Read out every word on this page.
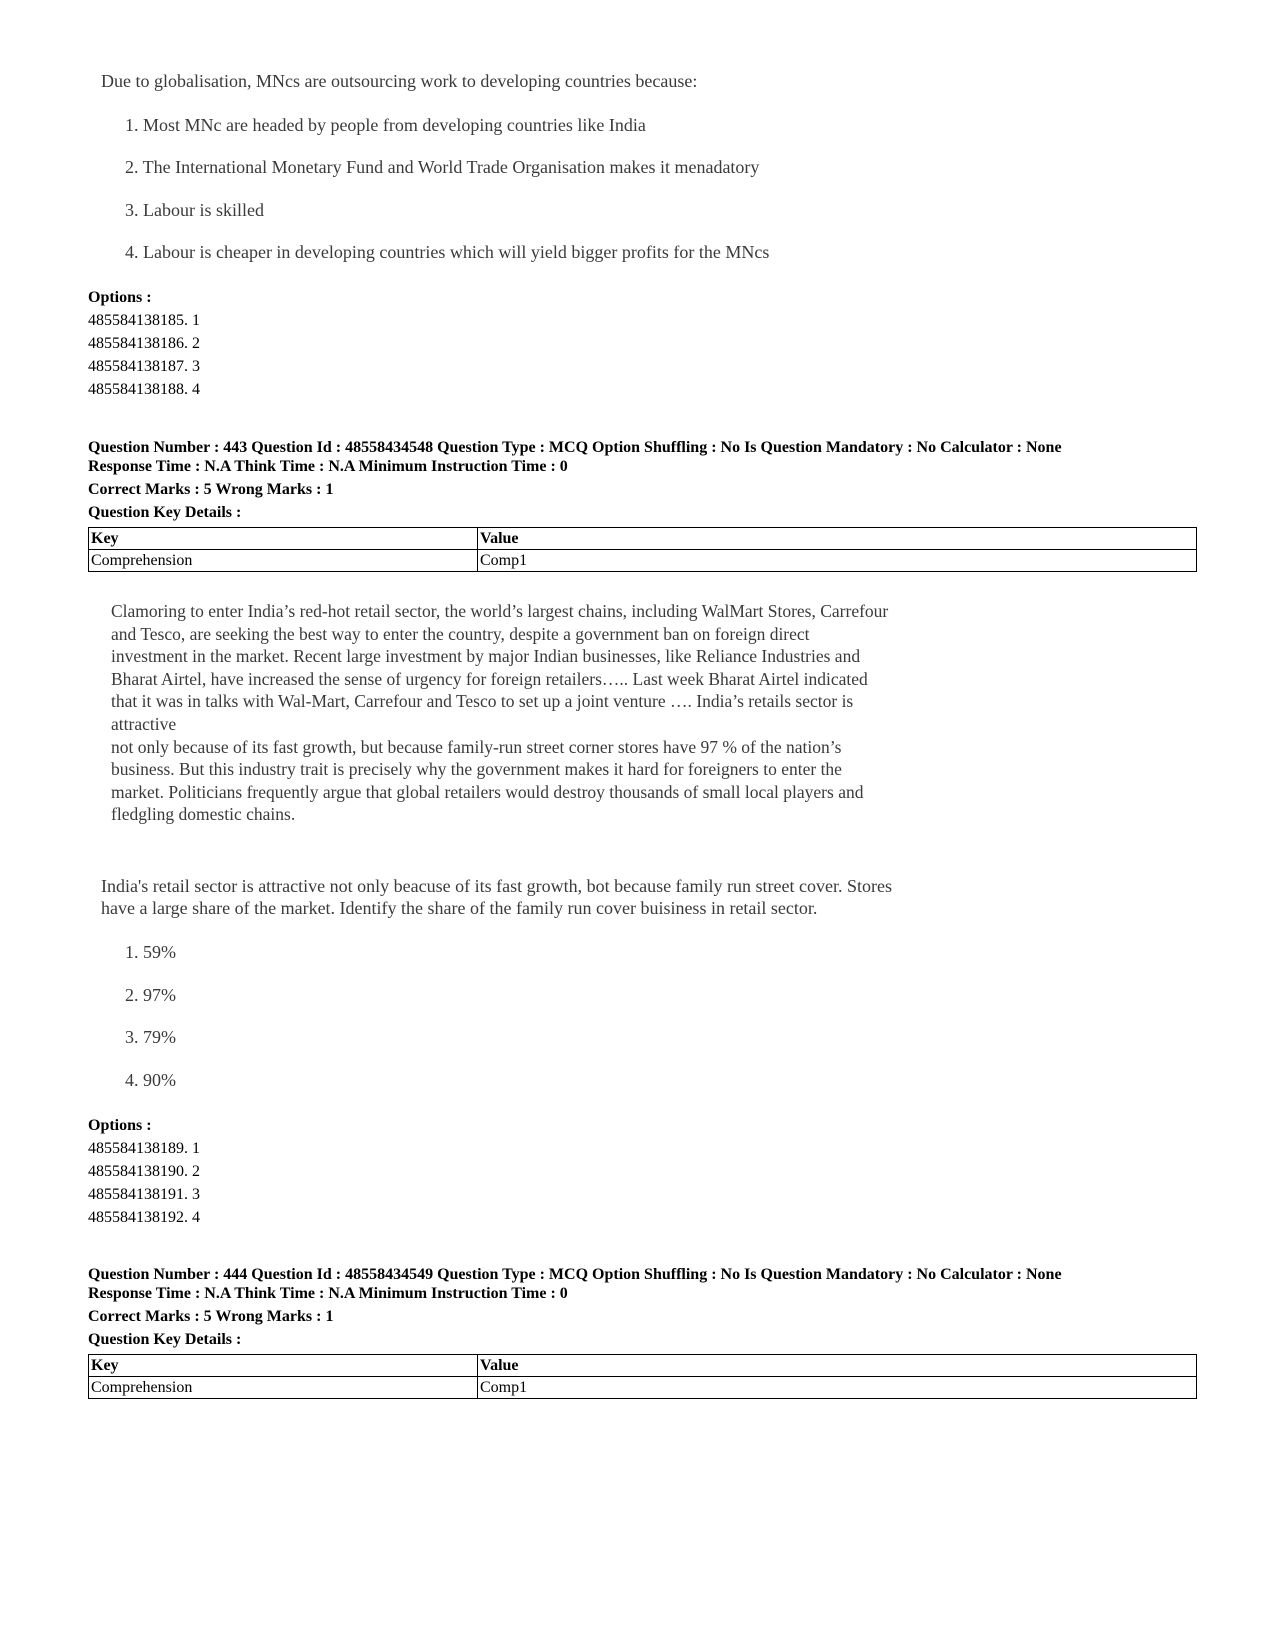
Due to globalisation, MNcs are outsourcing work to developing countries because:

1. Most MNc are headed by people from developing countries like India
2. The International Monetary Fund and World Trade Organisation makes it menadatory
3. Labour is skilled
4. Labour is cheaper in developing countries which will yield bigger profits for the MNcs
Options :
485584138185. 1
485584138186. 2
485584138187. 3
485584138188. 4
Question Number : 443 Question Id : 48558434548 Question Type : MCQ Option Shuffling : No Is Question Mandatory : No Calculator : None
Response Time : N.A Think Time : N.A Minimum Instruction Time : 0
Correct Marks : 5 Wrong Marks : 1
Question Key Details :
Key	Value
Comprehension	Comp1
Clamoring to enter India’s red-hot retail sector, the world’s largest chains, including WalMart Stores, Carrefour
and Tesco, are seeking the best way to enter the country, despite a government ban on foreign direct
investment in the market. Recent large investment by major Indian businesses, like Reliance Industries and
Bharat Airtel, have increased the sense of urgency for foreign retailers….. Last week Bharat Airtel indicated
that it was in talks with Wal-Mart, Carrefour and Tesco to set up a joint venture …. India’s retails sector is
attractive
not only because of its fast growth, but because family-run street corner stores have 97 % of the nation’s
business. But this industry trait is precisely why the government makes it hard for foreigners to enter the
market. Politicians frequently argue that global retailers would destroy thousands of small local players and
fledgling domestic chains.

India's retail sector is attractive not only beacuse of its fast growth, bot because family run street cover. Stores

have a large share of the market. Identify the share of the family run cover buisiness in retail sector.

1. 59%
2. 97%
3. 79%
4. 90%
Options :
485584138189. 1
485584138190. 2
485584138191. 3
485584138192. 4
Question Number : 444 Question Id : 48558434549 Question Type : MCQ Option Shuffling : No Is Question Mandatory : No Calculator : None
Response Time : N.A Think Time : N.A Minimum Instruction Time : 0
Correct Marks : 5 Wrong Marks : 1
Question Key Details :
Key	Value
Comprehension	Comp1
